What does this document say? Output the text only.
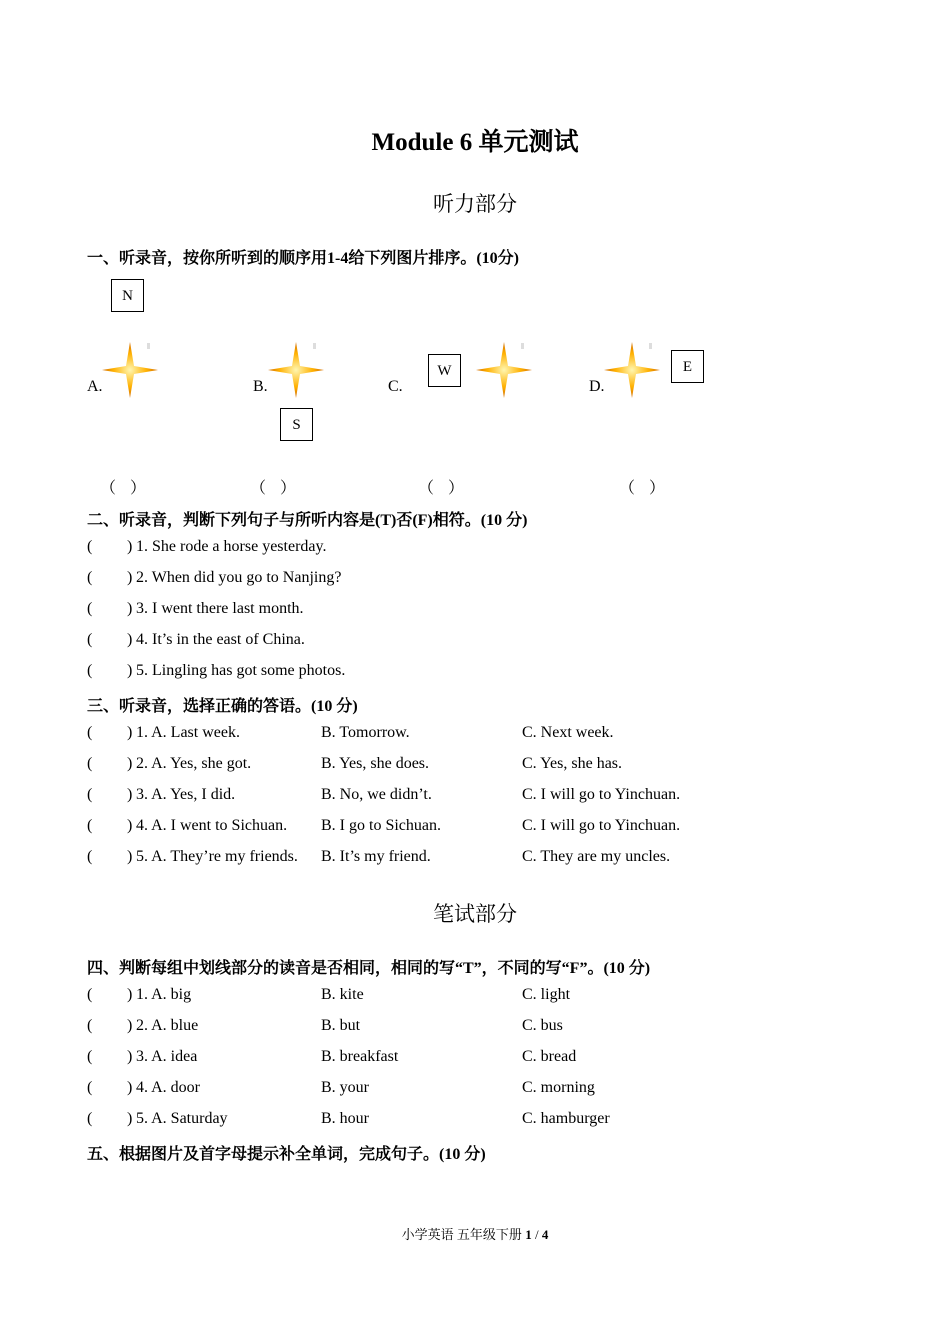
Module 6 单元测试
听力部分
一、听录音，按你所听到的顺序用1-4给下列图片排序。(10分)
N
W	E
S
A.	B.	C.	D.
（ ）	（ ）	（ ）	（ ）
二、听录音，判断下列句子与所听内容是(T)否(F)相符。(10 分)
( ) 1. She rode a horse yesterday.
( ) 2. When did you go to Nanjing?
( ) 3. I went there last month.
( ) 4. It’s in the east of China.
( ) 5. Lingling has got some photos.
三、听录音，选择正确的答语。(10 分)
( ) 1. A. Last week.	B. Tomorrow.	C. Next week.
( ) 2. A. Yes, she got.	B. Yes, she does.	C. Yes, she has.
( ) 3. A. Yes, I did.	B. No, we didn’t.	C. I will go to Yinchuan.
( ) 4. A. I went to Sichuan. B. I go to Sichuan.	C. I will go to Yinchuan.
( ) 5. A. They’re my friends. B. It’s my friend.	C. They are my uncles.
笔试部分
四、判断每组中划线部分的读音是否相同，相同的写“T”，不同的写“F”。(10 分)
( ) 1. A. big	B. kite	C. light
( ) 2. A. blue	B. but	C. bus
( ) 3. A. idea	B. breakfast	C. bread
( ) 4. A. door	B. your	C. morning
( ) 5. A. Saturday	B. hour	C. hamburger
五、根据图片及首字母提示补全单词，完成句子。(10 分)
小学英语 五年级下册 1 / 4
